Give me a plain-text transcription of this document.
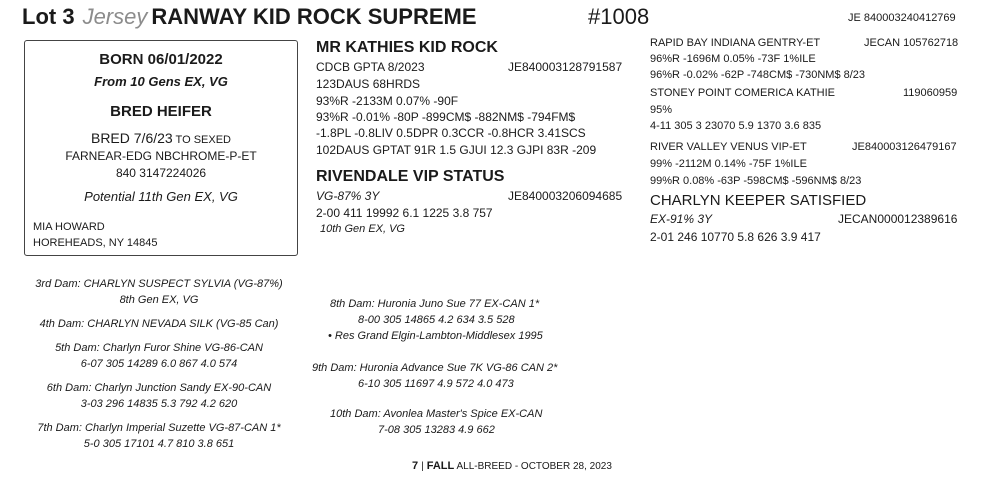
Lot 3 Jersey RANWAY KID ROCK SUPREME	#1008	JE 840003240412769
BORN 06/01/2022
From 10 Gens EX, VG
BRED HEIFER
BRED 7/6/23 TO SEXED
FARNEAR-EDG NBCHROME-P-ET
840 3147224026
Potential 11th Gen EX, VG
MIA HOWARD
HOREHEADS, NY 14845
MR KATHIES KID ROCK
CDCB GPTA 8/2023	JE840003128791587
123DAUS 68HRDS
93%R -2133M 0.07% -90F
93%R -0.01% -80P -899CM$ -882NM$ -794FM$
-1.8PL -0.8LIV 0.5DPR 0.3CCR -0.8HCR 3.41SCS
102DAUS GPTAT 91R 1.5 GJUI 12.3 GJPI 83R -209
RIVENDALE VIP STATUS
VG-87% 3Y	JE840003206094685
2-00 411 19992 6.1 1225 3.8 757
10th Gen EX, VG
RAPID BAY INDIANA GENTRY-ET	JECAN 105762718
96%R -1696M 0.05% -73F 1%ILE
96%R -0.02% -62P -748CM$ -730NM$ 8/23
STONEY POINT COMERICA KATHIE	119060959
95%
4-11 305 3 23070 5.9 1370 3.6 835
RIVER VALLEY VENUS VIP-ET	JE840003126479167
99% -2112M 0.14% -75F 1%ILE
99%R 0.08% -63P -598CM$ -596NM$ 8/23
CHARLYN KEEPER SATISFIED
EX-91% 3Y	JECAN000012389616
2-01 246 10770 5.8 626 3.9 417
3rd Dam: CHARLYN SUSPECT SYLVIA (VG-87%)
8th Gen EX, VG
4th Dam: CHARLYN NEVADA SILK (VG-85 Can)
5th Dam: Charlyn Furor Shine VG-86-CAN
6-07 305 14289 6.0 867 4.0 574
6th Dam: Charlyn Junction Sandy EX-90-CAN
3-03 296 14835 5.3 792 4.2 620
7th Dam: Charlyn Imperial Suzette VG-87-CAN 1*
5-0 305 17101 4.7 810 3.8 651
8th Dam: Huronia Juno Sue 77 EX-CAN 1*
8-00 305 14865 4.2 634 3.5 528
• Res Grand Elgin-Lambton-Middlesex 1995
9th Dam: Huronia Advance Sue 7K VG-86 CAN 2*
6-10 305 11697 4.9 572 4.0 473
10th Dam: Avonlea Master's Spice EX-CAN
7-08 305 13283 4.9 662
7 | FALL ALL-BREED - OCTOBER 28, 2023
